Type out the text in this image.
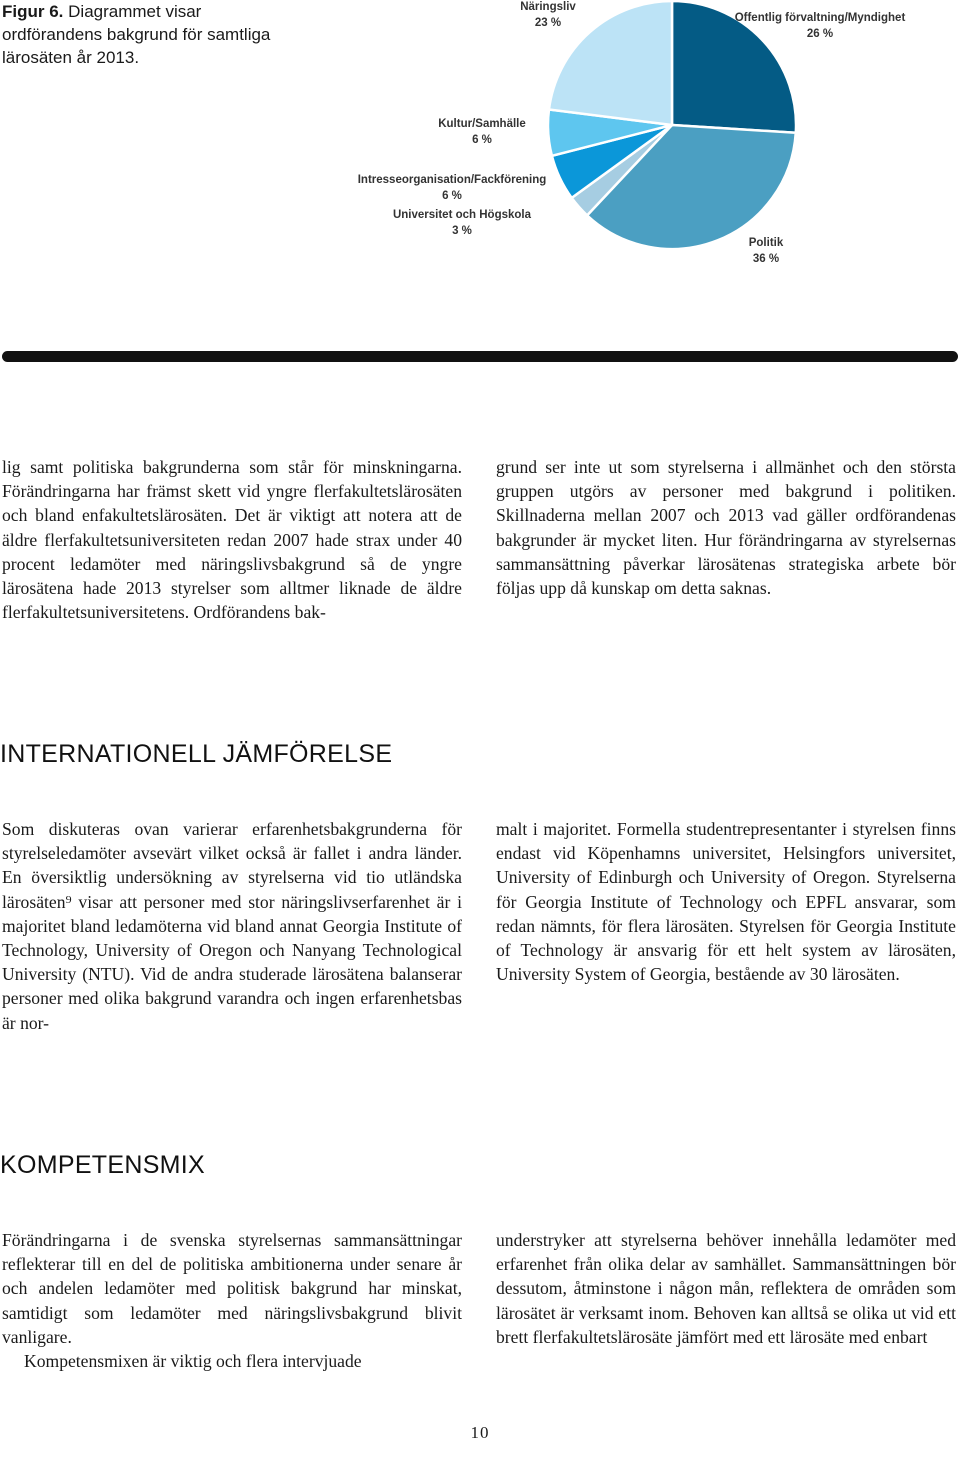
Figur 6. Diagrammet visar ordförandens bakgrund för samtliga lärosäten år 2013.
Offentlig förvaltning/Myndighet
26 %
Politik
36 %
Universitet och Högskola
3 %
Intresseorganisation/Fackförening
6 %
Kultur/Samhälle
6 %
Näringsliv
23 %

lig samt politiska bakgrunderna som står för minskningarna. Förändringarna har främst skett vid yngre flerfakultetslärosäten och bland enfakultetslärosäten. Det är viktigt att notera att de äldre flerfakultetsuniversiteten redan 2007 hade strax under 40 procent ledamöter med näringslivsbakgrund så de yngre lärosätena hade 2013 styrelser som alltmer liknade de äldre flerfakultetsuniversitetens. Ordförandens bak-

grund ser inte ut som styrelserna i allmänhet och den största gruppen utgörs av personer med bakgrund i politiken. Skillnaderna mellan 2007 och 2013 vad gäller ordförandenas bakgrunder är mycket liten. Hur förändringarna av styrelsernas sammansättning påverkar lärosätenas strategiska arbete bör följas upp då kunskap om detta saknas.

INTERNATIONELL JÄMFÖRELSE

Som diskuteras ovan varierar erfarenhetsbakgrunderna för styrelseledamöter avsevärt vilket också är fallet i andra länder. En översiktlig undersökning av styrelserna vid tio utländska lärosäten⁹ visar att personer med stor näringslivserfarenhet är i majoritet bland ledamöterna vid bland annat Georgia Institute of Technology, University of Oregon och Nanyang Technological University (NTU). Vid de andra studerade lärosätena balanserar personer med olika bakgrund varandra och ingen erfarenhetsbas är nor-

malt i majoritet. Formella studentrepresentanter i styrelsen finns endast vid Köpenhamns universitet, Helsingfors universitet, University of Edinburgh och University of Oregon. Styrelserna för Georgia Institute of Technology och EPFL ansvarar, som redan nämnts, för flera lärosäten. Styrelsen för Georgia Institute of Technology är ansvarig för ett helt system av lärosäten, University System of Georgia, bestående av 30 lärosäten.

KOMPETENSMIX

Förändringarna i de svenska styrelsernas sammansättningar reflekterar till en del de politiska ambitionerna under senare år och andelen ledamöter med politisk bakgrund har minskat, samtidigt som ledamöter med näringslivsbakgrund blivit vanligare.

Kompetensmixen är viktig och flera intervjuade

understryker att styrelserna behöver innehålla ledamöter med erfarenhet från olika delar av samhället. Sammansättningen bör dessutom, åtminstone i någon mån, reflektera de områden som lärosätet är verksamt inom. Behoven kan alltså se olika ut vid ett brett flerfakultetslärosäte jämfört med ett lärosäte med enbart

10
